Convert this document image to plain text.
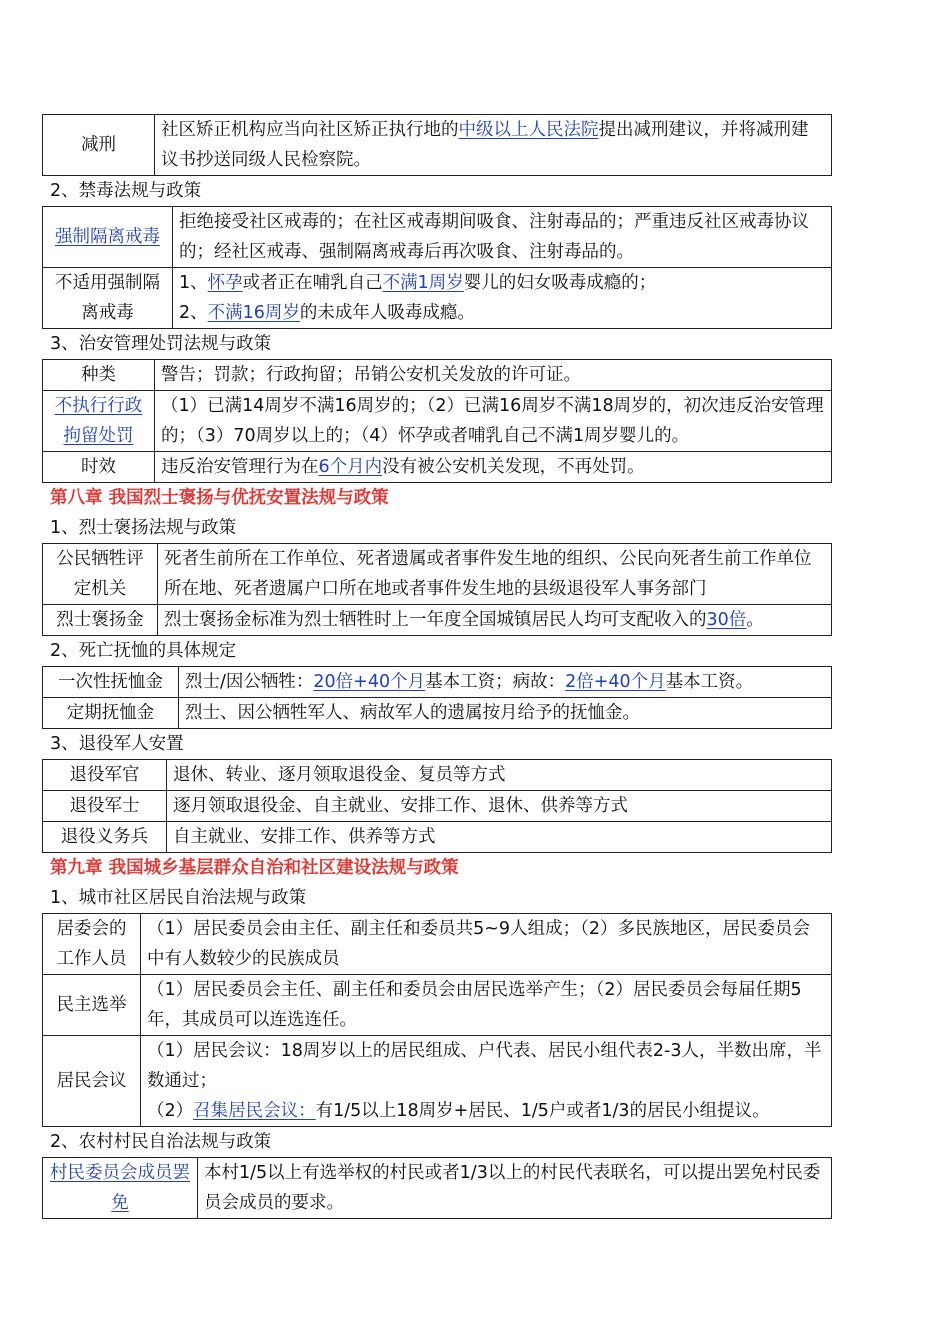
减刑	社区矫正机构应当向社区矫正执行地的中级以上人民法院提出减刑建议，并将减刑建议书抄送同级人民检察院。
2、禁毒法规与政策
强制隔离戒毒	拒绝接受社区戒毒的；在社区戒毒期间吸食、注射毒品的；严重违反社区戒毒协议的；经社区戒毒、强制隔离戒毒后再次吸食、注射毒品的。
不适用强制隔离戒毒	1、怀孕或者正在哺乳自己不满1周岁婴儿的妇女吸毒成瘾的；
2、不满16周岁的未成年人吸毒成瘾。
3、治安管理处罚法规与政策
种类	警告；罚款；行政拘留；吊销公安机关发放的许可证。
不执行行政拘留处罚	（1）已满14周岁不满16周岁的；（2）已满16周岁不满18周岁的，初次违反治安管理的；（3）70周岁以上的；（4）怀孕或者哺乳自己不满1周岁婴儿的。
时效	违反治安管理行为在6个月内没有被公安机关发现，不再处罚。
第八章 我国烈士褒扬与优抚安置法规与政策
1、烈士褒扬法规与政策
公民牺牲评定机关	死者生前所在工作单位、死者遗属或者事件发生地的组织、公民向死者生前工作单位所在地、死者遗属户口所在地或者事件发生地的县级退役军人事务部门
烈士褒扬金	烈士褒扬金标准为烈士牺牲时上一年度全国城镇居民人均可支配收入的30倍。
2、死亡抚恤的具体规定
一次性抚恤金	烈士/因公牺牲：20倍+40个月基本工资；病故：2倍+40个月基本工资。
定期抚恤金	烈士、因公牺牲军人、病故军人的遗属按月给予的抚恤金。
3、退役军人安置
退役军官	退休、转业、逐月领取退役金、复员等方式
退役军士	逐月领取退役金、自主就业、安排工作、退休、供养等方式
退役义务兵	自主就业、安排工作、供养等方式
第九章 我国城乡基层群众自治和社区建设法规与政策
1、城市社区居民自治法规与政策
居委会的工作人员	（1）居民委员会由主任、副主任和委员共5~9人组成；（2）多民族地区，居民委员会中有人数较少的民族成员
民主选举	（1）居民委员会主任、副主任和委员会由居民选举产生；（2）居民委员会每届任期5年，其成员可以连选连任。
居民会议	（1）居民会议：18周岁以上的居民组成、户代表、居民小组代表2-3人，半数出席，半数通过；
（2）召集居民会议：有1/5以上18周岁+居民、1/5户或者1/3的居民小组提议。
2、农村村民自治法规与政策
村民委员会成员罢免	本村1/5以上有选举权的村民或者1/3以上的村民代表联名，可以提出罢免村民委员会成员的要求。
